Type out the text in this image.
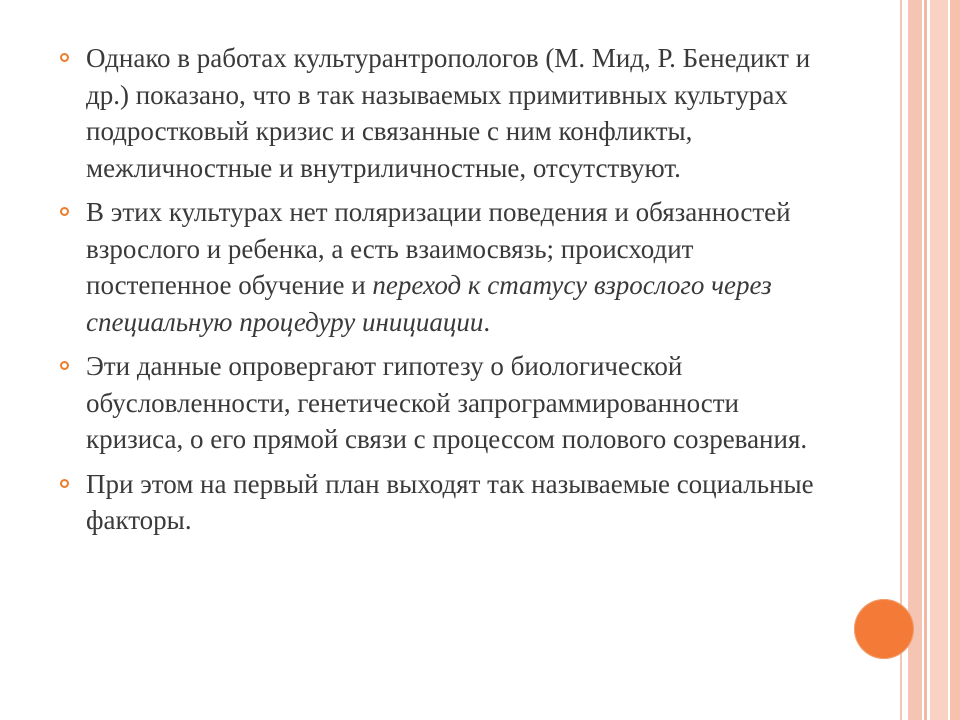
Однако в работах культурантропологов (М. Мид, Р. Бенедикт и др.) показано, что в так называемых примитивных культурах подростковый кризис и связанные с ним конфликты, межличностные и внутриличностные, отсутствуют.
В этих культурах нет поляризации поведения и обязанностей взрослого и ребенка, а есть взаимосвязь; происходит постепенное обучение и переход к статусу взрослого через специальную процедуру инициации.
Эти данные опровергают гипотезу о биологической обусловленности, генетической запрограммированности кризиса, о его прямой связи с процессом полового созревания.
При этом на первый план выходят так называемые социальные факторы.
